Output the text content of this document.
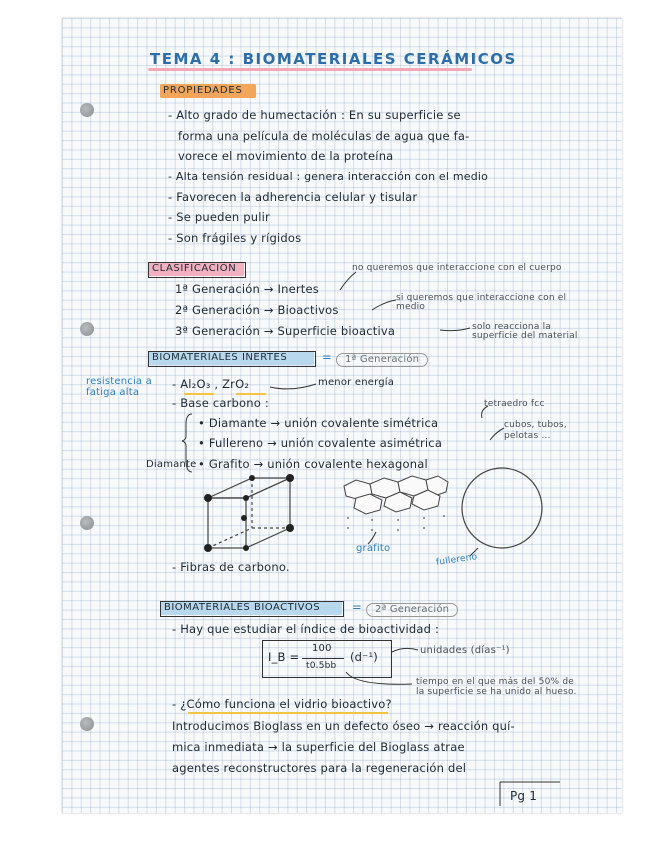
TEMA 4 : BIOMATERIALES CERÁMICOS
PROPIEDADES
- Alto grado de humectación : En su superficie se
forma una película de moléculas de agua que fa-
vorece el movimiento de la proteína
- Alta tensión residual : genera interacción con el medio
- Favorecen la adherencia celular y tisular
- Se pueden pulir
- Son frágiles y rígidos
CLASIFICACIÓN
1ª Generación → Inertes
2ª Generación → Bioactivos
3ª Generación → Superficie bioactiva
no queremos que interaccione con el cuerpo
si queremos que interaccione con el medio
solo reacciona la superficie del material
BIOMATERIALES INERTES	=	1ª Generación
resistencia a fatiga alta
- Al₂O₃ , ZrO₂	menor energía
- Base carbono :
• Diamante → unión covalente simétrica
• Fullereno → unión covalente asimétrica
• Grafito → unión covalente hexagonal
tetraedro fcc
cubos, tubos, pelotas ...
Diamante
grafito
fullereno
- Fibras de carbono.
BIOMATERIALES BIOACTIVOS	=	2ª Generación
- Hay que estudiar el índice de bioactividad :
I_B =
100
t0.5bb
(d⁻¹)	unidades (días⁻¹)
tiempo en el que más del 50% de la superficie se ha unido al hueso.
- ¿Cómo funciona el vidrio bioactivo?
Introducimos Bioglass en un defecto óseo → reacción quí-
mica inmediata → la superficie del Bioglass atrae
agentes reconstructores para la regeneración del
Pg 1
